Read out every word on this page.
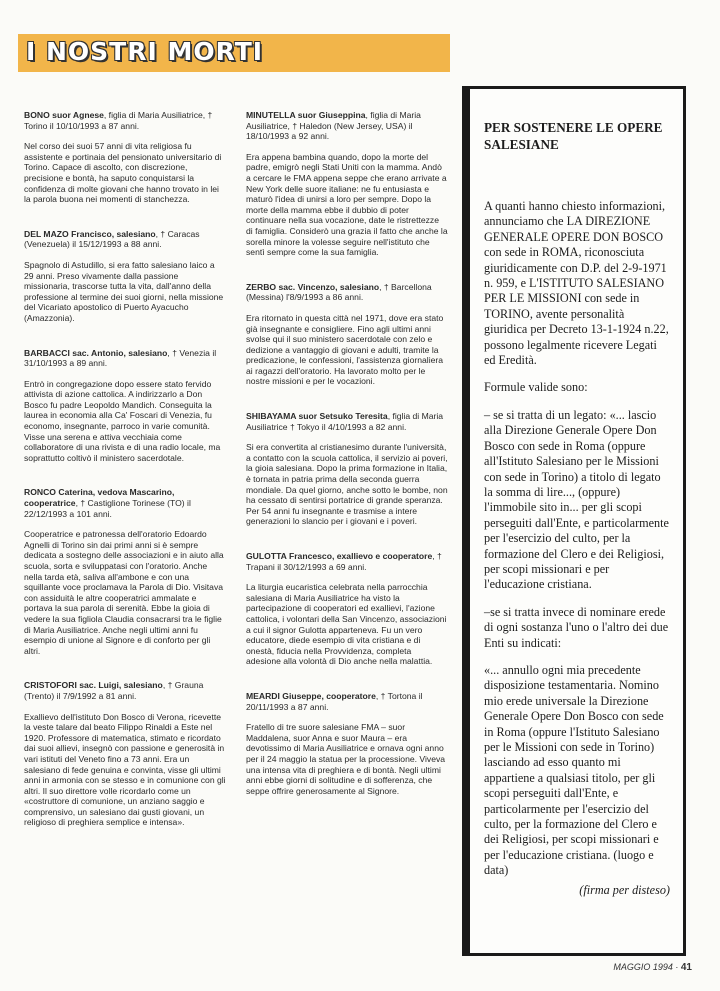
I NOSTRI MORTI

BONO suor Agnese, figlia di Maria Ausiliatrice, † Torino il 10/10/1993 a 87 anni.

Nel corso dei suoi 57 anni di vita religiosa fu assistente e portinaia del pensionato universitario di Torino. Capace di ascolto, con discrezione, precisione e bontà, ha saputo conquistarsi la confidenza di molte giovani che hanno trovato in lei la parola buona nei momenti di stanchezza.

DEL MAZO Francisco, salesiano, † Caracas (Venezuela) il 15/12/1993 a 88 anni.

Spagnolo di Astudillo, si era fatto salesiano laico a 29 anni. Preso vivamente dalla passione missionaria, trascorse tutta la vita, dall'anno della professione al termine dei suoi giorni, nella missione del Vicariato apostolico di Puerto Ayacucho (Amazzonia).

BARBACCI sac. Antonio, salesiano, † Venezia il 31/10/1993 a 89 anni.

Entrò in congregazione dopo essere stato fervido attivista di azione cattolica. A indirizzarlo a Don Bosco fu padre Leopoldo Mandich. Conseguita la laurea in economia alla Ca' Foscari di Venezia, fu economo, insegnante, parroco in varie comunità. Visse una serena e attiva vecchiaia come collaboratore di una rivista e di una radio locale, ma soprattutto coltivò il ministero sacerdotale.

RONCO Caterina, vedova Mascarino, cooperatrice, † Castiglione Torinese (TO) il 22/12/1993 a 101 anni.

Cooperatrice e patronessa dell'oratorio Edoardo Agnelli di Torino sin dai primi anni si è sempre dedicata a sostegno delle associazioni e in aiuto alla scuola, sorta e sviluppatasi con l'oratorio. Anche nella tarda età, saliva all'ambone e con una squillante voce proclamava la Parola di Dio. Visitava con assiduità le altre cooperatrici ammalate e portava la sua parola di serenità. Ebbe la gioia di vedere la sua figliola Claudia consacrarsi tra le figlie di Maria Ausiliatrice. Anche negli ultimi anni fu esempio di unione al Signore e di conforto per gli altri.

CRISTOFORI sac. Luigi, salesiano, † Graunа (Trento) il 7/9/1992 a 81 anni.

Exallievo dell'istituto Don Bosco di Verona, ricevette la veste talare dal beato Filippo Rinaldi a Este nel 1920. Professore di matematica, stimato e ricordato dai suoi allievi, insegnò con passione e generosità in vari istituti del Veneto fino a 73 anni. Era un salesiano di fede genuina e convinta, visse gli ultimi anni in armonia con se stesso e in comunione con gli altri. Il suo direttore volle ricordarlo come un «costruttore di comunione, un anziano saggio e comprensivo, un salesiano dai gusti giovani, un religioso di preghiera semplice e intensa».

MINUTELLA suor Giuseppina, figlia di Maria Ausiliatrice, † Haledon (New Jersey, USA) il 18/10/1993 a 92 anni.

Era appena bambina quando, dopo la morte del padre, emigrò negli Stati Uniti con la mamma. Andò a cercare le FMA appena seppe che erano arrivate a New York delle suore italiane: ne fu entusiasta e maturò l'idea di unirsi a loro per sempre. Dopo la morte della mamma ebbe il dubbio di poter continuare nella sua vocazione, date le ristrettezze di famiglia. Considerò una grazia il fatto che anche la sorella minore la volesse seguire nell'istituto che sentì sempre come la sua famiglia.

ZERBO sac. Vincenzo, salesiano, † Barcellona (Messina) l'8/9/1993 a 86 anni.

Era ritornato in questa città nel 1971, dove era stato già insegnante e consigliere. Fino agli ultimi anni svolse qui il suo ministero sacerdotale con zelo e dedizione a vantaggio di giovani e adulti, tramite la predicazione, le confessioni, l'assistenza giornaliera ai ragazzi dell'oratorio. Ha lavorato molto per le nostre missioni e per le vocazioni.

SHIBAYAMA suor Setsuko Teresita, figlia di Maria Ausiliatrice † Tokyo il 4/10/1993 a 82 anni.

Si era convertita al cristianesimo durante l'università, a contatto con la scuola cattolica, il servizio ai poveri, la gioia salesiana. Dopo la prima formazione in Italia, è tornata in patria prima della seconda guerra mondiale. Da quel giorno, anche sotto le bombe, non ha cessato di sentirsi portatrice di grande speranza. Per 54 anni fu insegnante e trasmise a intere generazioni lo slancio per i giovani e i poveri.

GULOTTA Francesco, exallievo e cooperatore, † Trapani il 30/12/1993 a 69 anni.

La liturgia eucaristica celebrata nella parrocchia salesiana di Maria Ausiliatrice ha visto la partecipazione di cooperatori ed exallievi, l'azione cattolica, i volontari della San Vincenzo, associazioni a cui il signor Gulotta apparteneva. Fu un vero educatore, diede esempio di vita cristiana e di onestà, fiducia nella Provvidenza, completa adesione alla volontà di Dio anche nella malattia.

MEARDI Giuseppe, cooperatore, † Tortona il 20/11/1993 a 87 anni.

Fratello di tre suore salesiane FMA – suor Maddalena, suor Anna e suor Maura – era devotissimo di Maria Ausiliatrice e ornava ogni anno per il 24 maggio la statua per la processione. Viveva una intensa vita di preghiera e di bontà. Negli ultimi anni ebbe giorni di solitudine e di sofferenza, che seppe offrire generosamente al Signore.

PER SOSTENERE LE OPERE SALESIANE

A quanti hanno chiesto informazioni, annunciamo che LA DIREZIONE GENERALE OPERE DON BOSCO con sede in ROMA, riconosciuta giuridicamente con D.P. del 2-9-1971 n. 959, e L'ISTITUTO SALESIANO PER LE MISSIONI con sede in TORINO, avente personalità giuridica per Decreto 13-1-1924 n.22, possono legalmente ricevere Legati ed Eredità.

Formule valide sono:

– se si tratta di un legato: «... lascio alla Direzione Generale Opere Don Bosco con sede in Roma (oppure all'Istituto Salesiano per le Missioni con sede in Torino) a titolo di legato la somma di lire..., (oppure) l'immobile sito in... per gli scopi perseguiti dall'Ente, e particolarmente per l'esercizio del culto, per la formazione del Clero e dei Religiosi, per scopi missionari e per l'educazione cristiana.

–se si tratta invece di nominare erede di ogni sostanza l'uno o l'altro dei due Enti su indicati:

«... annullo ogni mia precedente disposizione testamentaria. Nomino mio erede universale la Direzione Generale Opere Don Bosco con sede in Roma (oppure l'Istituto Salesiano per le Missioni con sede in Torino) lasciando ad esso quanto mi appartiene a qualsiasi titolo, per gli scopi perseguiti dall'Ente, e particolarmente per l'esercizio del culto, per la formazione del Clero e dei Religiosi, per scopi missionari e per l'educazione cristiana. (luogo e data)

(firma per disteso)

MAGGIO 1994 · 41
